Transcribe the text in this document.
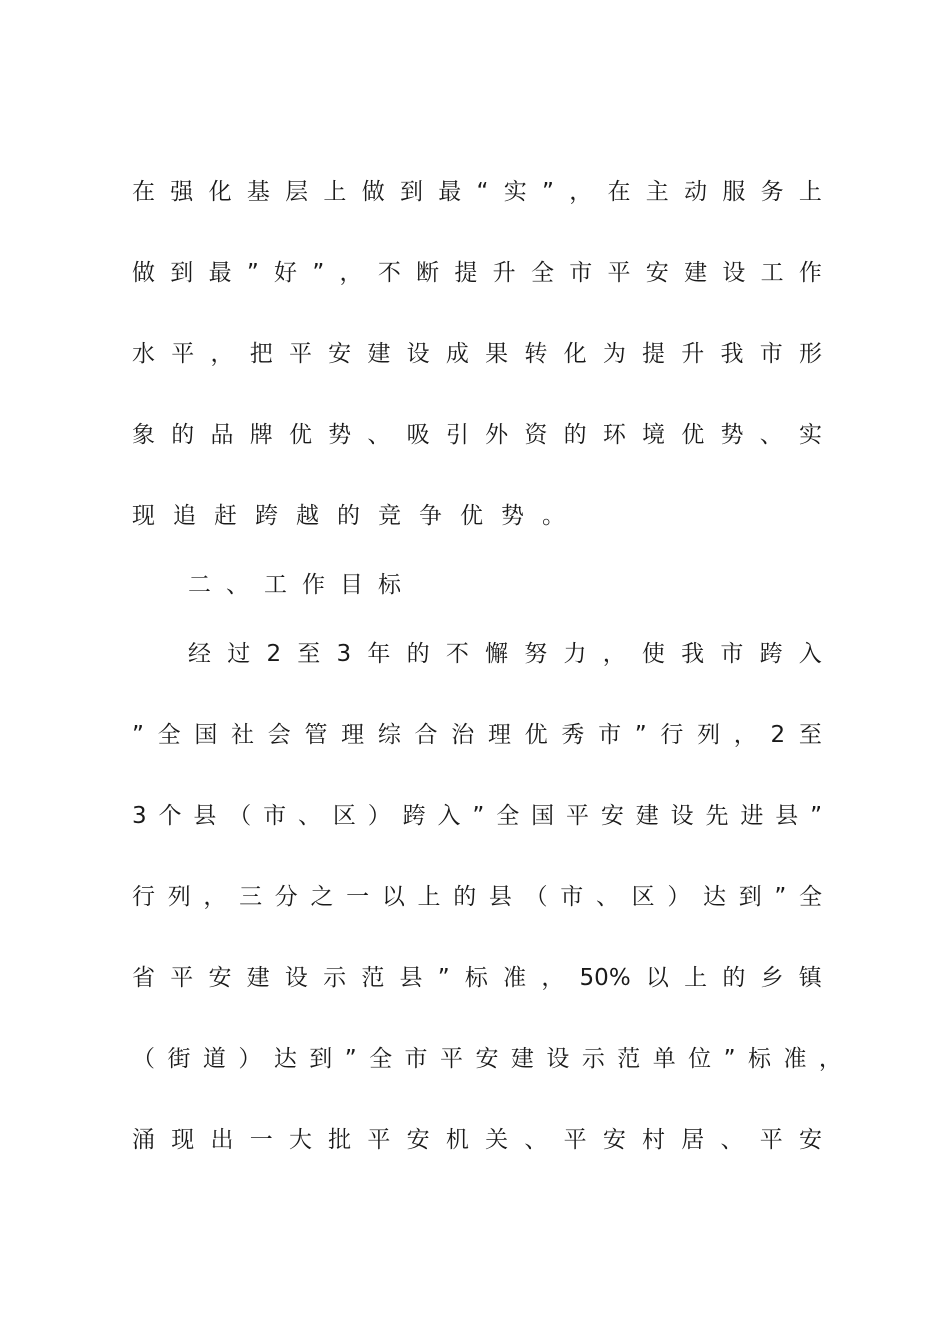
在 强 化 基 层 上 做 到 最 “ 实 ” ， 在 主 动 服 务 上
做 到 最 ” 好 ” ， 不 断 提 升 全 市 平 安 建 设 工 作
水 平 ， 把 平 安 建 设 成 果 转 化 为 提 升 我 市 形
象 的 品 牌 优 势 、 吸 引 外 资 的 环 境 优 势 、 实
现 追 赶 跨 越 的 竞 争 优 势 。
二、工作目标
经 过 2 至 3 年 的 不 懈 努 力 ， 使 我 市 跨 入
” 全 国 社 会 管 理 综 合 治 理 优 秀 市 ” 行 列 ， 2 至
3 个 县 （ 市 、 区 ） 跨 入 ” 全 国 平 安 建 设 先 进 县 ”
行 列 ， 三 分 之 一 以 上 的 县 （ 市 、 区 ） 达 到 ” 全
省 平 安 建 设 示 范 县 ” 标 准 ， 50% 以 上 的 乡 镇
（ 街 道 ） 达 到 ” 全 市 平 安 建 设 示 范 单 位 ” 标 准 ，
涌 现 出 一 大 批 平 安 机 关 、 平 安 村 居 、 平 安
